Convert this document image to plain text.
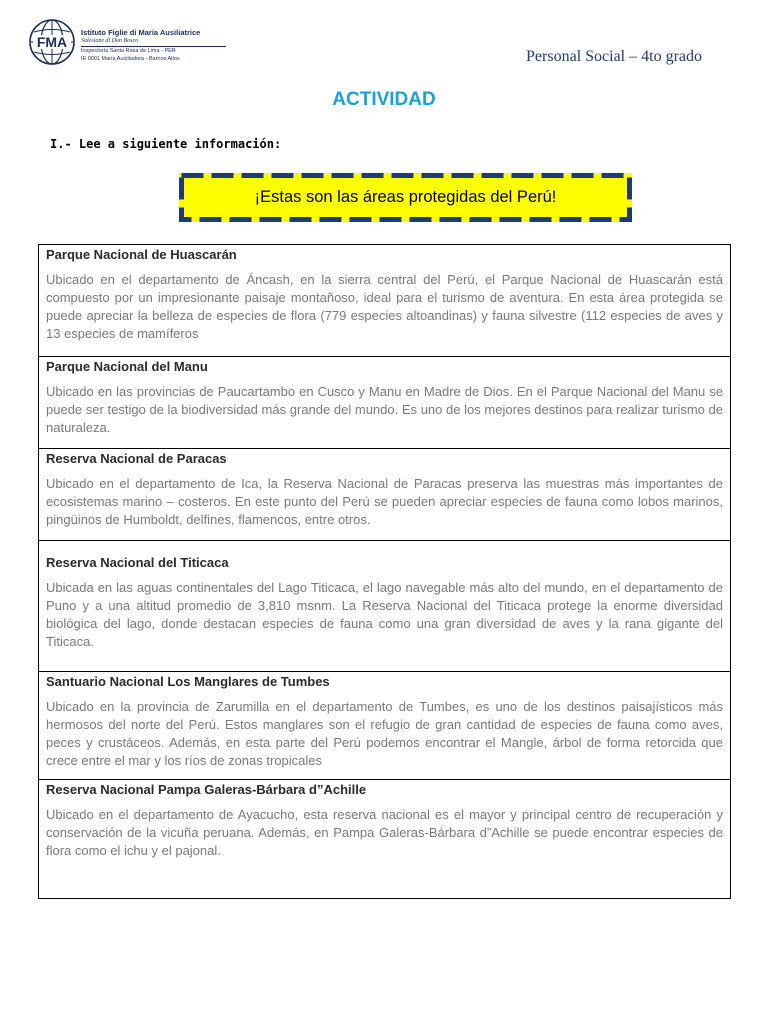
FMA
Istituto Figlie di Maria Ausiliatrice
Salesiane di Don Bosco
Inspectoría Santa Rosa de Lima - PER
IE 0001 María Auxiliadora - Barrios Altos	Personal Social – 4to grado
ACTIVIDAD
I.- Lee a siguiente información:
¡Estas son las áreas protegidas del Perú!
Parque Nacional de Huascarán
Ubicado en el departamento de Áncash, en la sierra central del Perú, el Parque Nacional de Huascarán está compuesto por un impresionante paisaje montañoso, ideal para el turismo de aventura. En esta área protegida se puede apreciar la belleza de especies de flora (779 especies altoandinas) y fauna silvestre (112 especies de aves y 13 especies de mamíferos
Parque Nacional del Manu
Ubicado en las provincias de Paucartambo en Cusco y Manu en Madre de Dios. En el Parque Nacional del Manu se puede ser testigo de la biodiversidad más grande del mundo. Es uno de los mejores destinos para realizar turismo de naturaleza.
Reserva Nacional de Paracas
Ubicado en el departamento de Ica, la Reserva Nacional de Paracas preserva las muestras más importantes de ecosistemas marino – costeros. En este punto del Perú se pueden apreciar especies de fauna como lobos marinos, pingüinos de Humboldt, delfines, flamencos, entre otros.
Reserva Nacional del Titicaca
Ubicada en las aguas continentales del Lago Titicaca, el lago navegable más alto del mundo, en el departamento de Puno y a una altitud promedio de 3,810 msnm. La Reserva Nacional del Titicaca protege la enorme diversidad biológica del lago, donde destacan especies de fauna como una gran diversidad de aves y la rana gigante del Titicaca.
Santuario Nacional Los Manglares de Tumbes
Ubicado en la provincia de Zarumilla en el departamento de Tumbes, es uno de los destinos paisajísticos más hermosos del norte del Perú. Estos manglares son el refugio de gran cantidad de especies de fauna como aves, peces y crustáceos. Además, en esta parte del Perú podemos encontrar el Mangle, árbol de forma retorcida que crece entre el mar y los ríos de zonas tropicales
Reserva Nacional Pampa Galeras-Bárbara d”Achille
Ubicado en el departamento de Ayacucho, esta reserva nacional es el mayor y principal centro de recuperación y conservación de la vicuña peruana. Además, en Pampa Galeras-Bárbara d”Achille se puede encontrar especies de flora como el ichu y el pajonal.
